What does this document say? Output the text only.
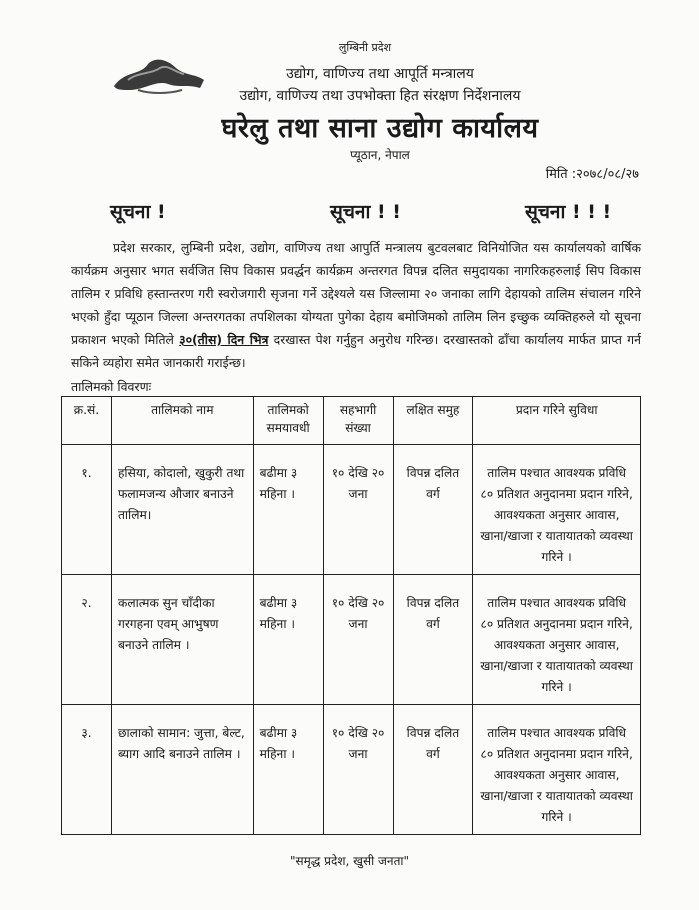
लुम्बिनी प्रदेश
उद्योग, वाणिज्य तथा आपूर्ति मन्त्रालय
उद्योग, वाणिज्य तथा उपभोक्ता हित संरक्षण निर्देशनालय
घरेलु तथा साना उद्योग कार्यालय
प्यूठान, नेपाल
मिति :२०७८/०८/२७
सूचना !	सूचना ! !	सूचना ! ! !
प्रदेश सरकार, लुम्बिनी प्रदेश, उद्योग, वाणिज्य तथा आपुर्ति मन्त्रालय बुटवलबाट विनियोजित यस कार्यालयको वार्षिक कार्यक्रम अनुसार भगत सर्वजित सिप विकास प्रवर्द्धन कार्यक्रम अन्तरगत विपन्न दलित समुदायका नागरिकहरुलाई सिप विकास तालिम र प्रविधि हस्तान्तरण गरी स्वरोजगारी सृजना गर्ने उद्देश्यले यस जिल्लामा २० जनाका लागि देहायको तालिम संचालन गरिने भएको हुँदा प्यूठान जिल्ला अन्तरगतका तपशिलका योग्यता पुगेका देहाय बमोजिमको तालिम लिन इच्छुक व्यक्तिहरुले यो सूचना प्रकाशन भएको मितिले ३०(तीस) दिन भित्र दरखास्त पेश गर्नुहुन अनुरोध गरिन्छ। दरखास्तको ढाँचा कार्यालय मार्फत प्राप्त गर्न सकिने व्यहोरा समेत जानकारी गराईन्छ।
तालिमको विवरणः
क्र.सं.	तालिमको नाम	तालिमको समयावधी	सहभागी संख्या	लक्षित समुह	प्रदान गरिने सुविधा
१.	हसिया, कोदालो, खुकुरी तथा फलामजन्य औजार बनाउने तालिम।	बढीमा ३ महिना ।	१० देखि २० जना	विपन्न दलित वर्ग	तालिम पश्चात आवश्यक प्रविधि ८० प्रतिशत अनुदानमा प्रदान गरिने, आवश्यकता अनुसार आवास, खाना/खाजा र यातायातको व्यवस्था गरिने ।
२.	कलात्मक सुन चाँदीका गरगहना एवम् आभुषण बनाउने तालिम ।	बढीमा ३ महिना ।	१० देखि २० जना	विपन्न दलित वर्ग	तालिम पश्चात आवश्यक प्रविधि ८० प्रतिशत अनुदानमा प्रदान गरिने, आवश्यकता अनुसार आवास, खाना/खाजा र यातायातको व्यवस्था गरिने ।
३.	छालाको सामान: जुत्ता, बेल्ट, ब्याग आदि बनाउने तालिम ।	बढीमा ३ महिना ।	१० देखि २० जना	विपन्न दलित वर्ग	तालिम पश्चात आवश्यक प्रविधि ८० प्रतिशत अनुदानमा प्रदान गरिने, आवश्यकता अनुसार आवास, खाना/खाजा र यातायातको व्यवस्था गरिने ।
"समृद्ध प्रदेश, खुसी जनता"
